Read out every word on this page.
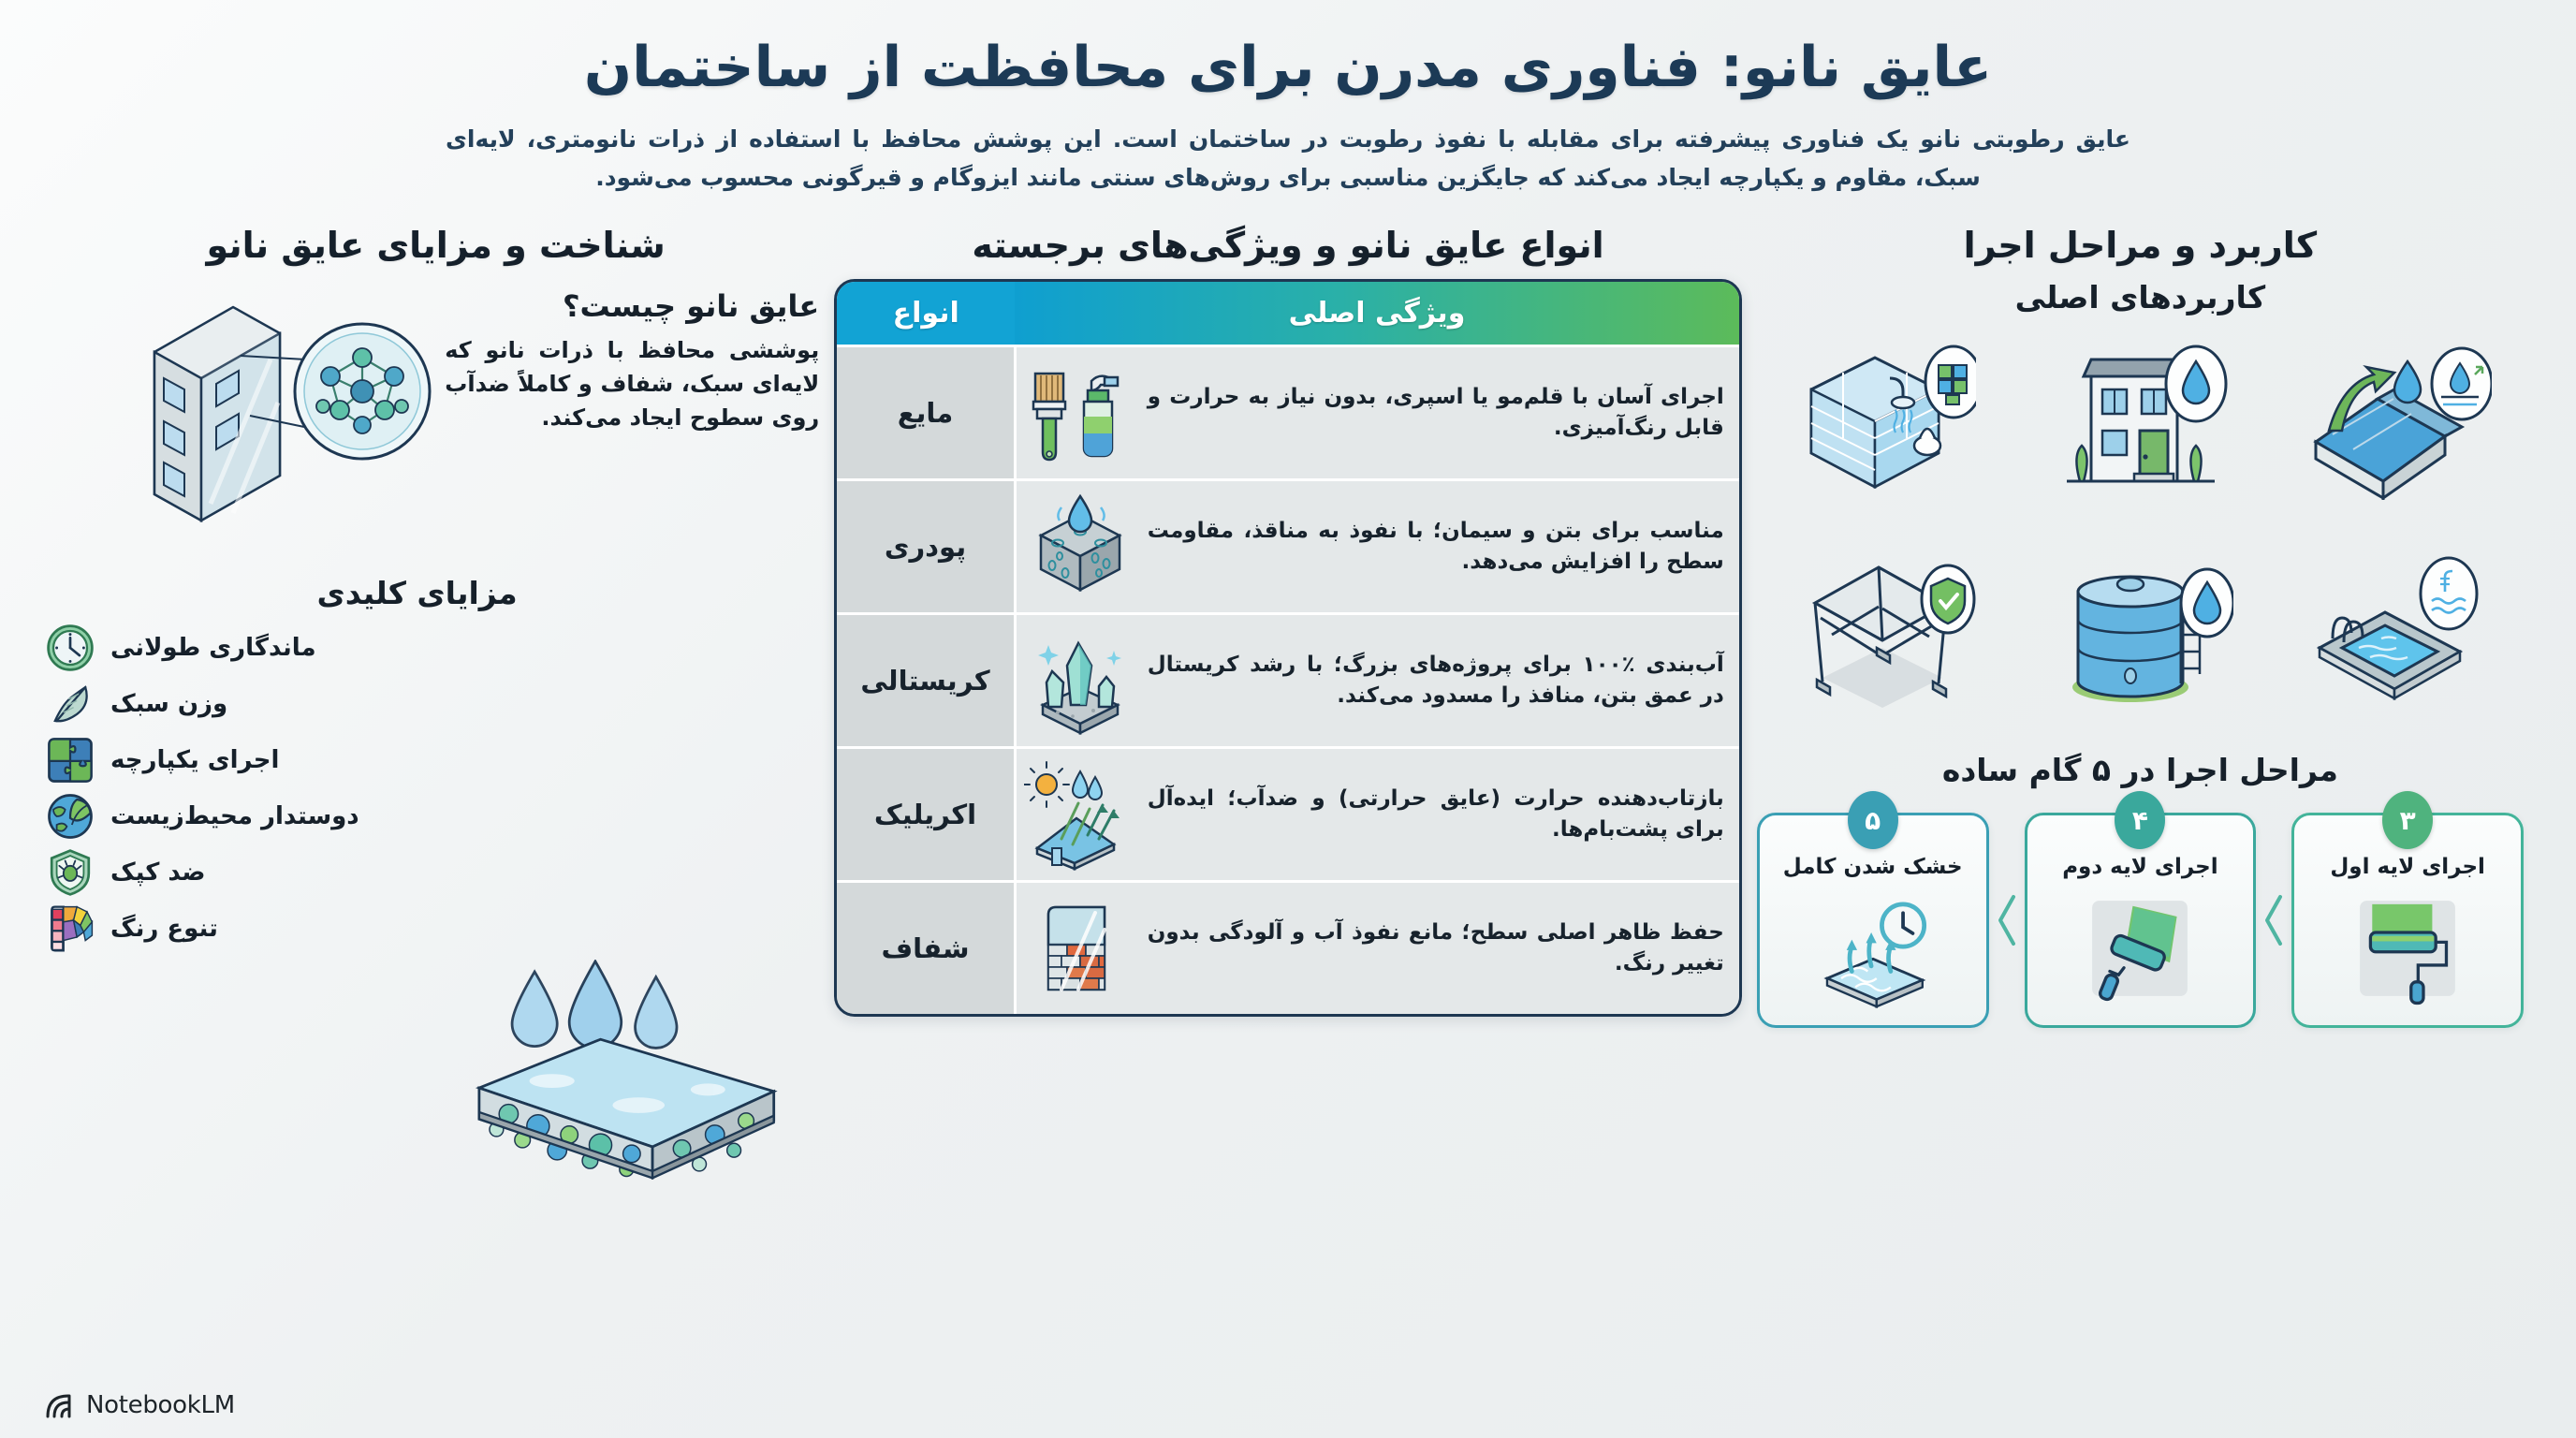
عایق نانو: فناوری مدرن برای محافظت از ساختمان
عایق رطوبتی نانو یک فناوری پیشرفته برای مقابله با نفوذ رطوبت در ساختمان است. این پوشش محافظ با استفاده از ذرات نانومتری، لایه‌ای سبک، مقاوم و یکپارچه ایجاد می‌کند که جایگزین مناسبی برای روش‌های سنتی مانند ایزوگام و قیرگونی محسوب می‌شود.
کاربرد و مراحل اجرا
کاربردهای اصلی
مراحل اجرا در ۵ گام ساده
۳
اجرای لایه اول
۴
اجرای لایه دوم
۵
خشک شدن کامل
انواع عایق نانو و ویژگی‌های برجسته
ویژگی اصلی	انواع

اجرای آسان با قلم‌مو یا اسپری، بدون نیاز به حرارت و قابل رنگ‌آمیزی.	مایع

مناسب برای بتن و سیمان؛ با نفوذ به مناقذ، مقاومت سطح را افزایش می‌دهد.	پودری

آب‌بندی ٪۱۰۰ برای پروژه‌های بزرگ؛ با رشد کریستال در عمق بتن، منافذ را مسدود می‌کند.	کریستالی

بازتاب‌دهنده حرارت (عایق حرارتی) و ضدآب؛ ایده‌آل برای پشت‌بام‌ها.	اکریلیک

حفظ ظاهر اصلی سطح؛ مانع نفوذ آب و آلودگی بدون تغییر رنگ.	شفاف
شناخت و مزایای عایق نانو
عایق نانو چیست؟
پوششی محافظ با ذرات نانو که لایه‌ای سبک، شفاف و کاملاً ضدآب روی سطوح ایجاد می‌کند.
مزایای کلیدی
ماندگاری طولانی
وزن سبک
اجرای یکپارچه
دوستدار محیط‌زیست
ضد کپک
تنوع رنگ
NotebookLM
